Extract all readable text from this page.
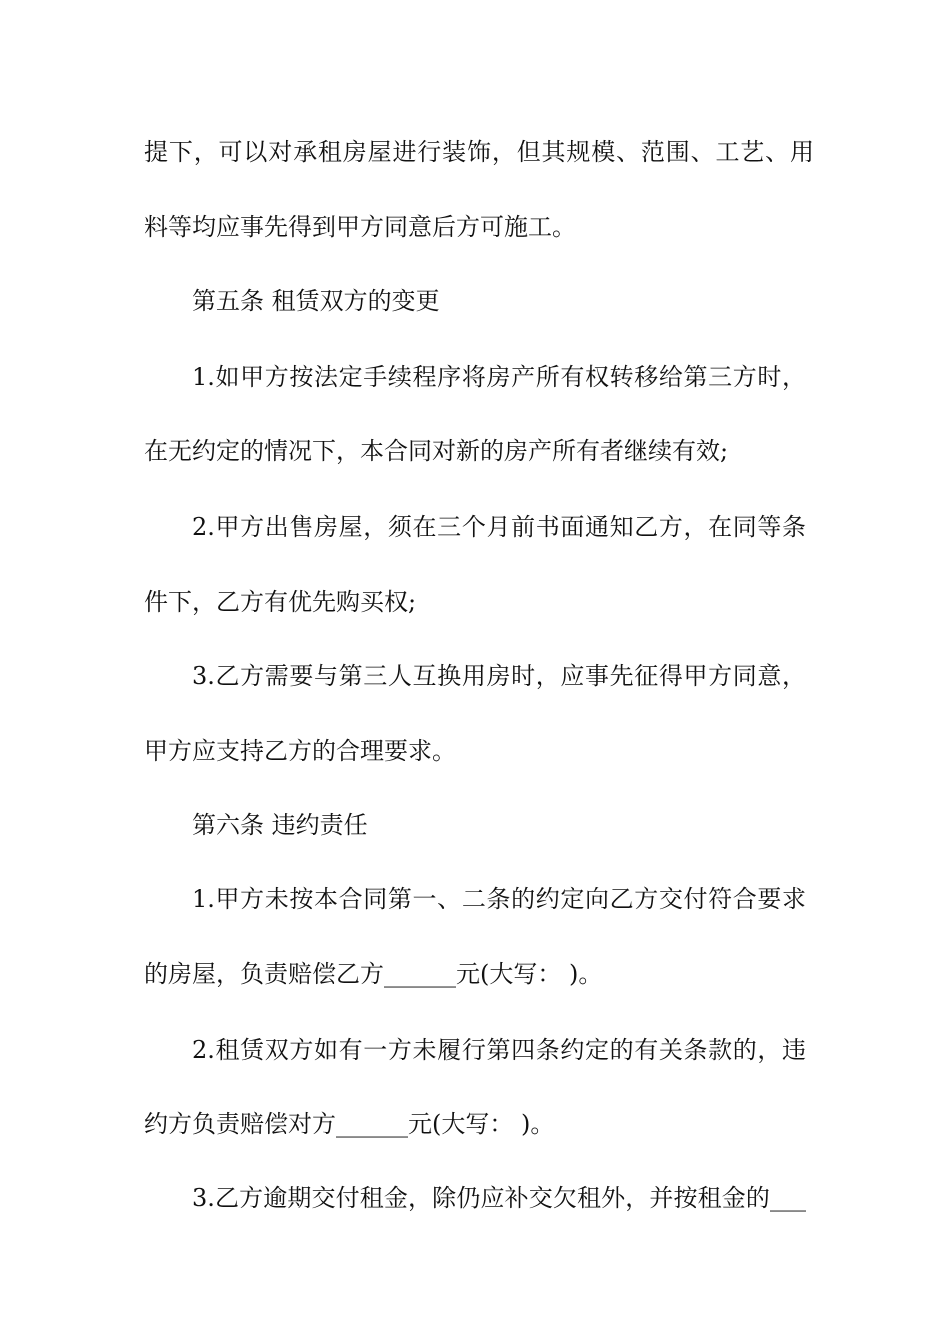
提下，可以对承租房屋进行装饰，但其规模、范围、工艺、用
料等均应事先得到甲方同意后方可施工。
第五条 租赁双方的变更
1.如甲方按法定手续程序将房产所有权转移给第三方时，
在无约定的情况下，本合同对新的房产所有者继续有效;
2.甲方出售房屋，须在三个月前书面通知乙方，在同等条
件下，乙方有优先购买权;
3.乙方需要与第三人互换用房时，应事先征得甲方同意，
甲方应支持乙方的合理要求。
第六条 违约责任
1.甲方未按本合同第一、二条的约定向乙方交付符合要求
的房屋，负责赔偿乙方______元(大写： )。
2.租赁双方如有一方未履行第四条约定的有关条款的，违
约方负责赔偿对方______元(大写： )。
3.乙方逾期交付租金，除仍应补交欠租外，并按租金的___
